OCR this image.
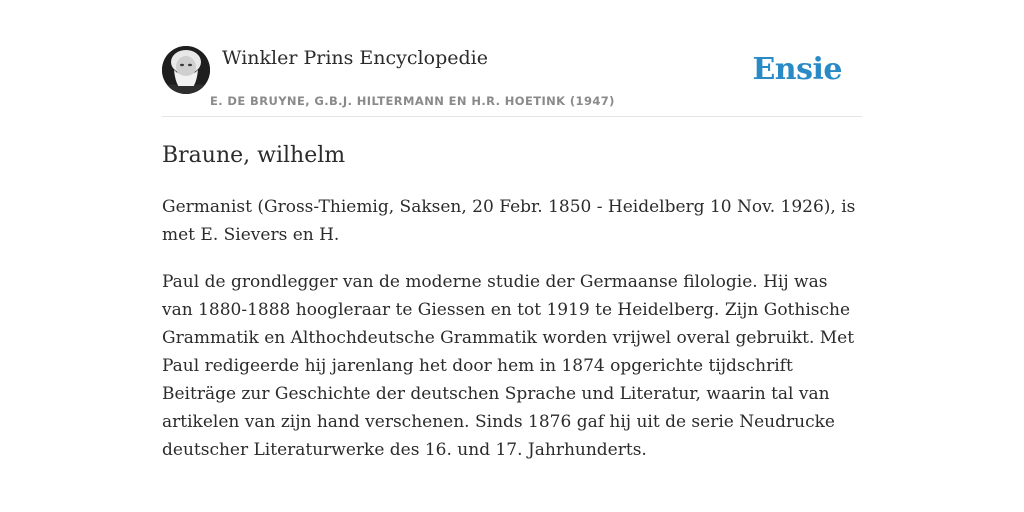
Winkler Prins Encyclopedie
E. DE BRUYNE, G.B.J. HILTERMANN EN H.R. HOETINK (1947)
Ensie
Braune, wilhelm

Germanist (Gross-Thiemig, Saksen, 20 Febr. 1850 - Heidelberg 10 Nov. 1926), is met E. Sievers en H.

Paul de grondlegger van de moderne studie der Germaanse filologie. Hij was van 1880-1888 hoogleraar te Giessen en tot 1919 te Heidelberg. Zijn Gothische Grammatik en Althochdeutsche Grammatik worden vrijwel overal gebruikt. Met Paul redigeerde hij jarenlang het door hem in 1874 opgerichte tijdschrift Beiträge zur Geschichte der deutschen Sprache und Literatur, waarin tal van artikelen van zijn hand verschenen. Sinds 1876 gaf hij uit de serie Neudrucke deutscher Literaturwerke des 16. und 17. Jahrhunderts.
